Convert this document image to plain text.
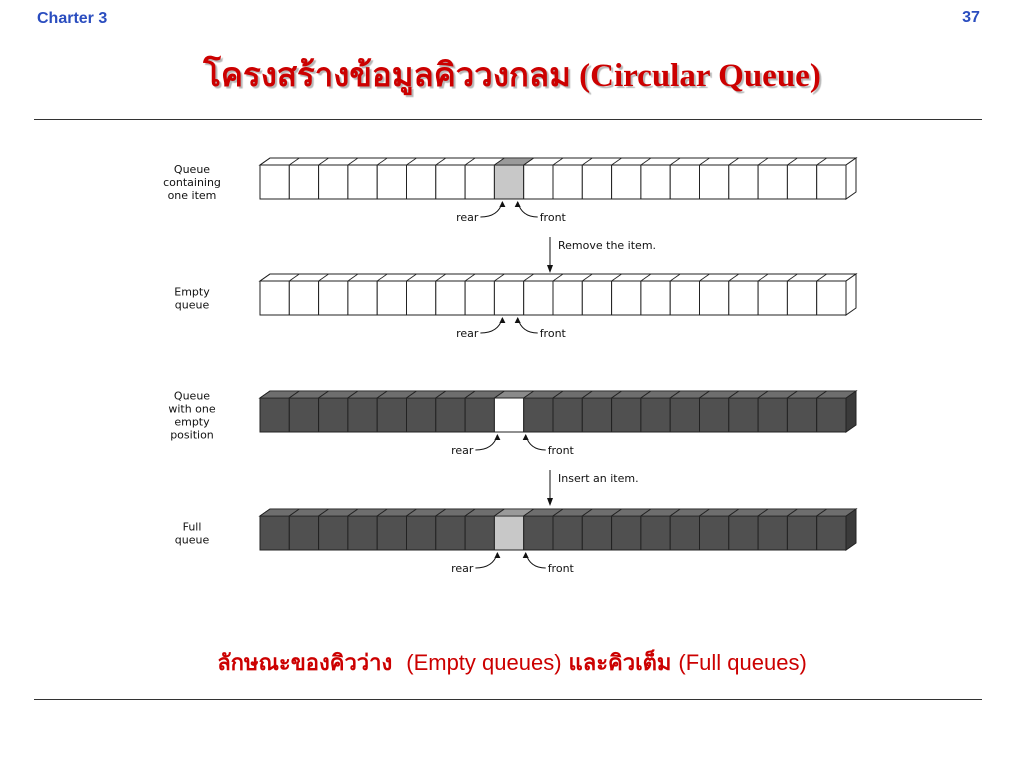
Charter 3	37
โครงสร้างข้อมูลคิววงกลม (Circular Queue)
Queue
containing
one item
rear	front
Remove the item.
Empty
queue
rear	front
Queue
with one
empty
position
rear	front
Insert an item.
Full
queue
rear	front
ลักษณะของคิวว่าง (Empty queues) และคิวเต็ม (Full queues)
